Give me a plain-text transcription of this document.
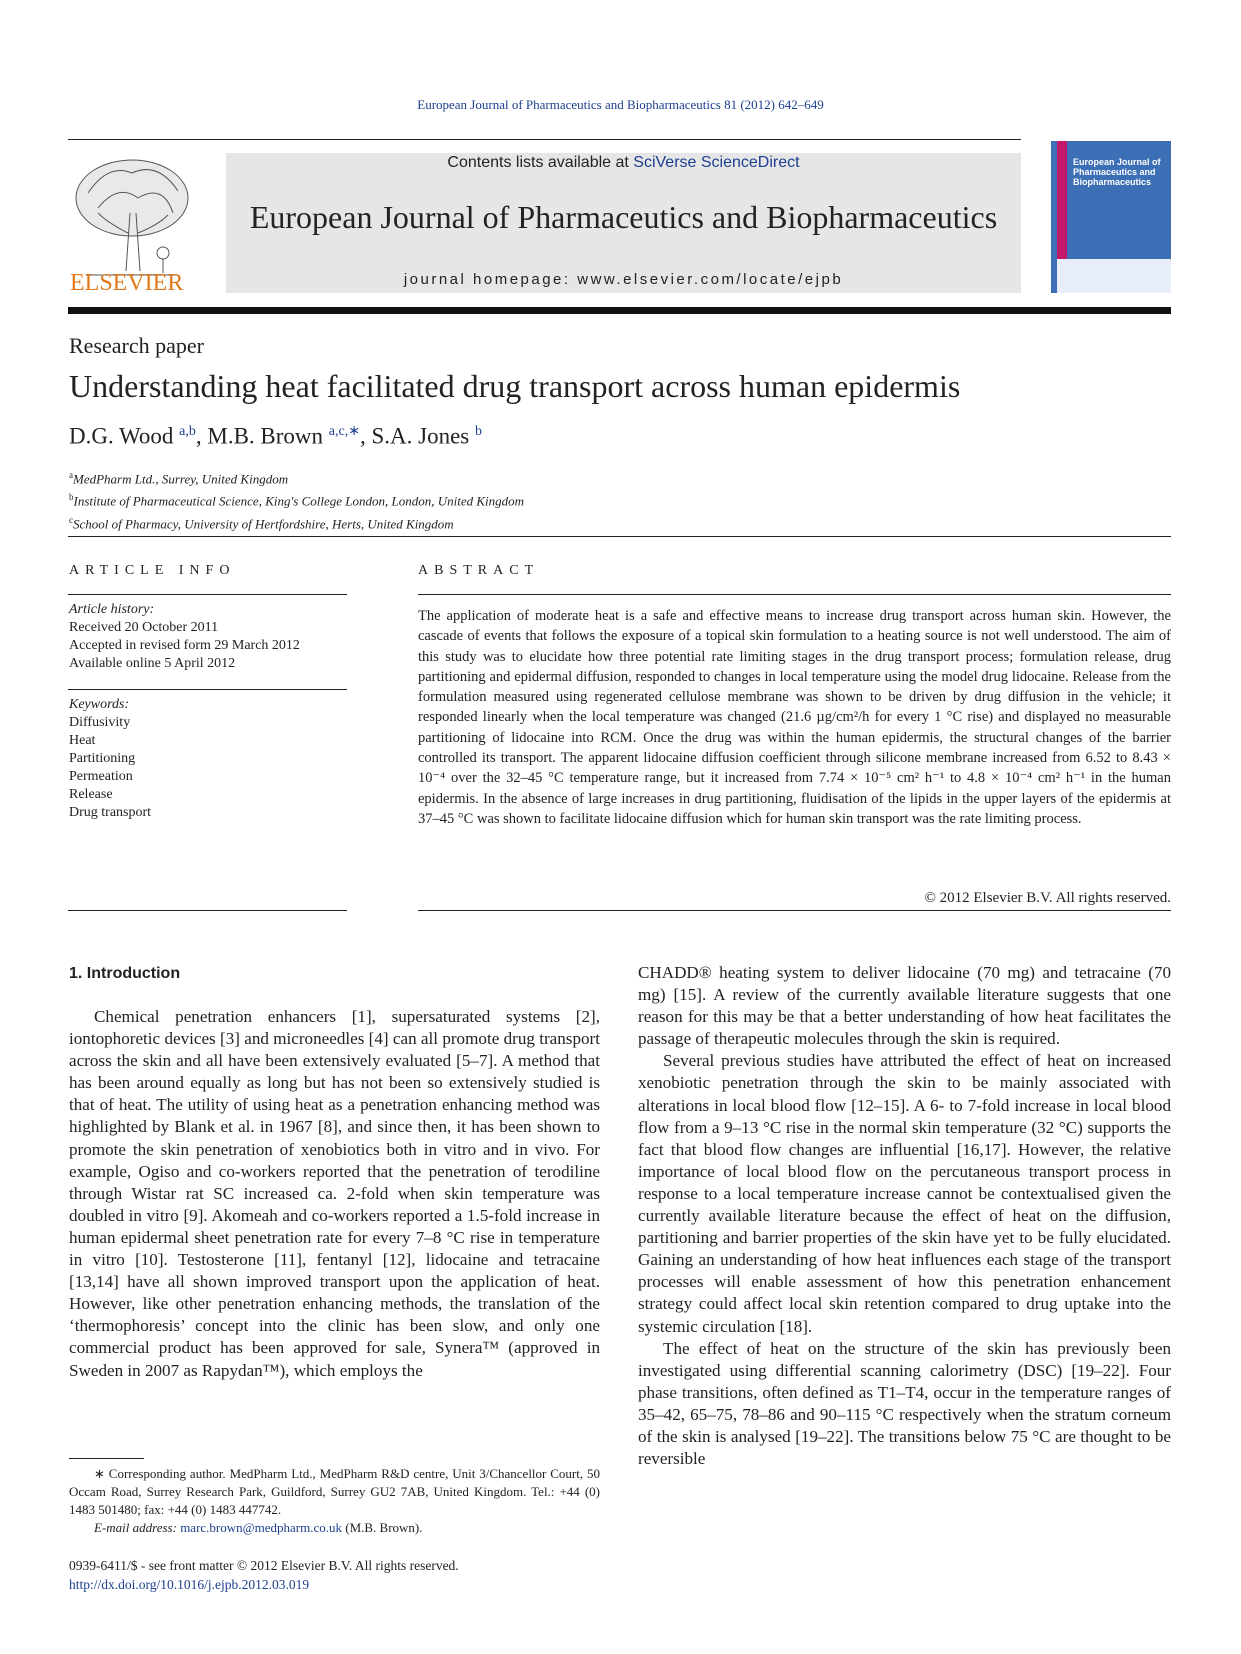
European Journal of Pharmaceutics and Biopharmaceutics 81 (2012) 642–649
ELSEVIER
Contents lists available at SciVerse ScienceDirect
European Journal of Pharmaceutics and Biopharmaceutics
journal homepage: www.elsevier.com/locate/ejpb
European Journal of Pharmaceutics and Biopharmaceutics
Research paper
Understanding heat facilitated drug transport across human epidermis
D.G. Wood $^{a,b}$, M.B. Brown $^{a,c,∗}$, S.A. Jones $^b$
$^a$MedPharm Ltd., Surrey, United Kingdom
$^b$Institute of Pharmaceutical Science, King's College London, London, United Kingdom
$^c$School of Pharmacy, University of Hertfordshire, Herts, United Kingdom
ARTICLE INFO
Article history:
Received 20 October 2011
Accepted in revised form 29 March 2012
Available online 5 April 2012
Keywords:
Diffusivity
Heat
Partitioning
Permeation
Release
Drug transport
ABSTRACT
The application of moderate heat is a safe and effective means to increase drug transport across human skin. However, the cascade of events that follows the exposure of a topical skin formulation to a heating source is not well understood. The aim of this study was to elucidate how three potential rate limiting stages in the drug transport process; formulation release, drug partitioning and epidermal diffusion, responded to changes in local temperature using the model drug lidocaine. Release from the formulation measured using regenerated cellulose membrane was shown to be driven by drug diffusion in the vehicle; it responded linearly when the local temperature was changed (21.6 µg/cm²/h for every 1 °C rise) and displayed no measurable partitioning of lidocaine into RCM. Once the drug was within the human epidermis, the structural changes of the barrier controlled its transport. The apparent lidocaine diffusion coefficient through silicone membrane increased from 6.52 to 8.43 × 10⁻⁴ over the 32–45 °C temperature range, but it increased from 7.74 × 10⁻⁵ cm² h⁻¹ to 4.8 × 10⁻⁴ cm² h⁻¹ in the human epidermis. In the absence of large increases in drug partitioning, fluidisation of the lipids in the upper layers of the epidermis at 37–45 °C was shown to facilitate lidocaine diffusion which for human skin transport was the rate limiting process.
© 2012 Elsevier B.V. All rights reserved.
1. Introduction

Chemical penetration enhancers [1], supersaturated systems [2], iontophoretic devices [3] and microneedles [4] can all promote drug transport across the skin and all have been extensively evaluated [5–7]. A method that has been around equally as long but has not been so extensively studied is that of heat. The utility of using heat as a penetration enhancing method was highlighted by Blank et al. in 1967 [8], and since then, it has been shown to promote the skin penetration of xenobiotics both in vitro and in vivo. For example, Ogiso and co-workers reported that the penetration of terodiline through Wistar rat SC increased ca. 2-fold when skin temperature was doubled in vitro [9]. Akomeah and co-workers reported a 1.5-fold increase in human epidermal sheet penetration rate for every 7–8 °C rise in temperature in vitro [10]. Testosterone [11], fentanyl [12], lidocaine and tetracaine [13,14] have all shown improved transport upon the application of heat. However, like other penetration enhancing methods, the translation of the ‘thermophoresis’ concept into the clinic has been slow, and only one commercial product has been approved for sale, Synera™ (approved in Sweden in 2007 as Rapydan™), which employs the

CHADD® heating system to deliver lidocaine (70 mg) and tetracaine (70 mg) [15]. A review of the currently available literature suggests that one reason for this may be that a better understanding of how heat facilitates the passage of therapeutic molecules through the skin is required.

Several previous studies have attributed the effect of heat on increased xenobiotic penetration through the skin to be mainly associated with alterations in local blood flow [12–15]. A 6- to 7-fold increase in local blood flow from a 9–13 °C rise in the normal skin temperature (32 °C) supports the fact that blood flow changes are influential [16,17]. However, the relative importance of local blood flow on the percutaneous transport process in response to a local temperature increase cannot be contextualised given the currently available literature because the effect of heat on the diffusion, partitioning and barrier properties of the skin have yet to be fully elucidated. Gaining an understanding of how heat influences each stage of the transport processes will enable assessment of how this penetration enhancement strategy could affect local skin retention compared to drug uptake into the systemic circulation [18].

The effect of heat on the structure of the skin has previously been investigated using differential scanning calorimetry (DSC) [19–22]. Four phase transitions, often defined as T1–T4, occur in the temperature ranges of 35–42, 65–75, 78–86 and 90–115 °C respectively when the stratum corneum of the skin is analysed [19–22]. The transitions below 75 °C are thought to be reversible

∗ Corresponding author. MedPharm Ltd., MedPharm R&D centre, Unit 3/Chancellor Court, 50 Occam Road, Surrey Research Park, Guildford, Surrey GU2 7AB, United Kingdom. Tel.: +44 (0) 1483 501480; fax: +44 (0) 1483 447742.
E-mail address: marc.brown@medpharm.co.uk (M.B. Brown).
0939-6411/$ - see front matter © 2012 Elsevier B.V. All rights reserved.
http://dx.doi.org/10.1016/j.ejpb.2012.03.019
